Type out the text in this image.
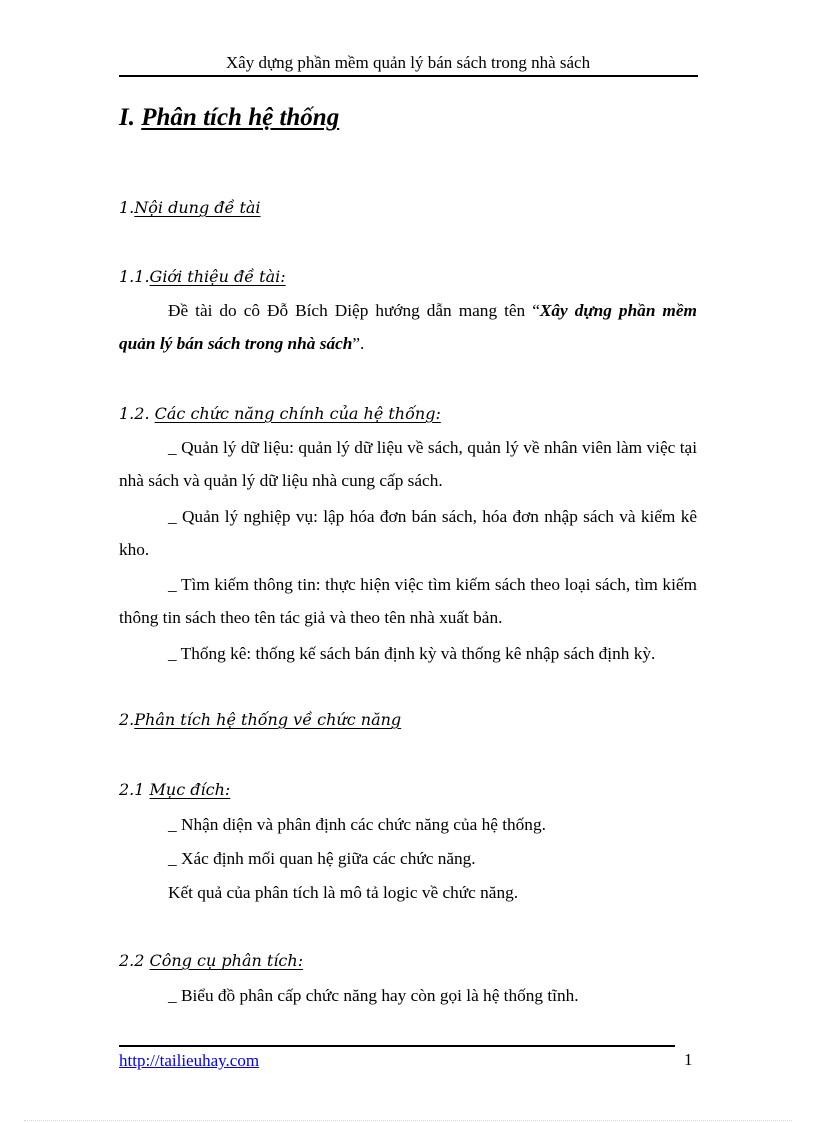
Xây dựng phần mềm quản lý bán sách trong nhà sách
I. Phân tích hệ thống
1.Nội dung đề tài
1.1.Giới thiệu đề tài:
Đề tài do cô Đỗ Bích Diệp hướng dẫn mang tên “Xây dựng phần mềm quản lý bán sách trong nhà sách”.
1.2. Các chức năng chính của hệ thống:
_ Quản lý dữ liệu: quản lý dữ liệu về sách, quản lý về nhân viên làm việc tại nhà sách và quản lý dữ liệu nhà cung cấp sách.
_ Quản lý nghiệp vụ: lập hóa đơn bán sách, hóa đơn nhập sách và kiểm kê kho.
_ Tìm kiếm thông tin: thực hiện việc tìm kiếm sách theo loại sách, tìm kiếm thông tin sách theo tên tác giả và theo tên nhà xuất bản.
_ Thống kê: thống kế sách bán định kỳ và thống kê nhập sách định kỳ.
2.Phân tích hệ thống về chức năng
2.1 Mục đích:
_ Nhận diện và phân định các chức năng của hệ thống.
_ Xác định mối quan hệ giữa các chức năng.
Kết quả của phân tích là mô tả logic về chức năng.
2.2 Công cụ phân tích:
_ Biểu đồ phân cấp chức năng hay còn gọi là hệ thống tĩnh.
http://tailieuhay.com	1
